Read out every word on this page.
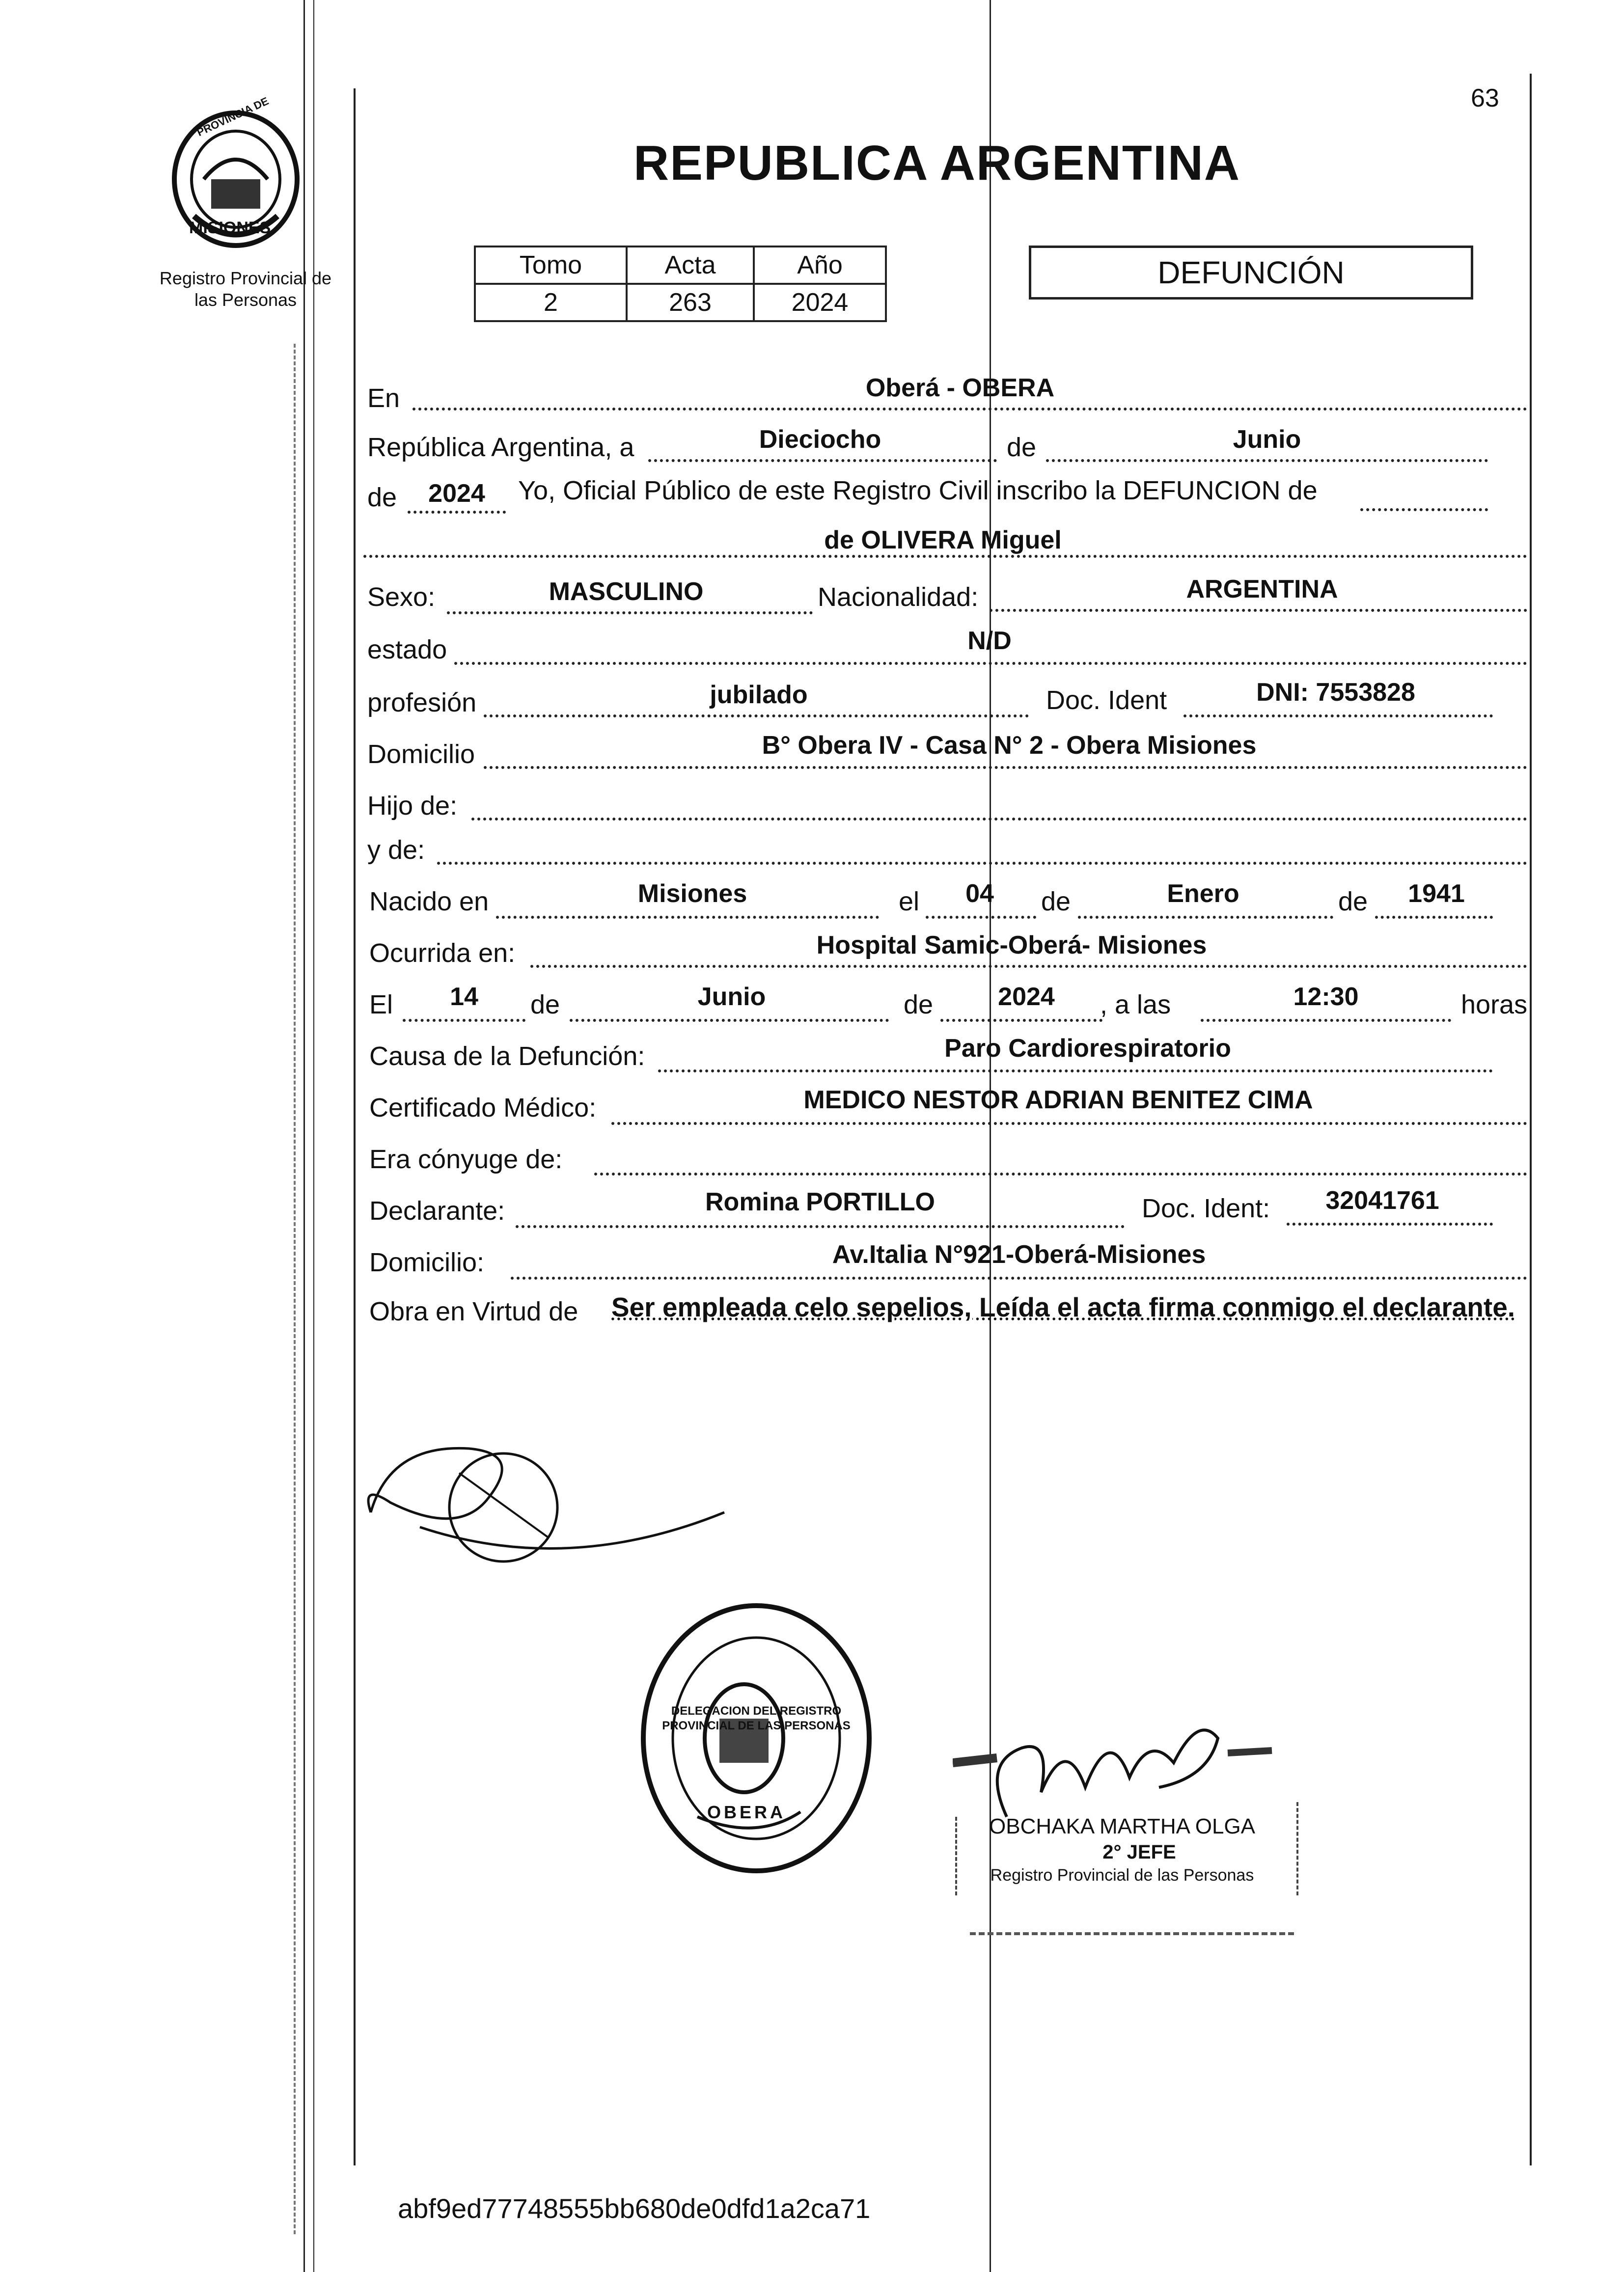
PROVINCIA DE
MISIONES
Registro Provincial de
las Personas
63
REPUBLICA ARGENTINA
Tomo	Acta	Año
2	263	2024
DEFUNCIÓN
En	Oberá - OBERA
República Argentina, a	Dieciocho	de	Junio
de 2024 Yo, Oficial Público de este Registro Civil inscribo la DEFUNCION de
de OLIVERA Miguel
Sexo:	MASCULINO	Nacionalidad:	ARGENTINA
estado	N/D
profesión	jubilado	Doc. Ident	DNI: 7553828
Domicilio	B° Obera IV - Casa N° 2 - Obera Misiones
Hijo de:
y de:
Nacido en	Misiones	el 04 de	Enero	de 1941
Ocurrida en:	Hospital Samic-Oberá- Misiones
El 14 de	Junio	de	2024 , a las	12:30	horas
Causa de la Defunción:	Paro Cardiorespiratorio
Certificado Médico:	MEDICO NESTOR ADRIAN BENITEZ CIMA
Era cónyuge de:
Declarante:	Romina PORTILLO	Doc. Ident: 32041761
Domicilio:	Av.Italia N°921-Oberá-Misiones
Obra en Virtud de Ser empleada celo sepelios, Leída el acta firma conmigo el declarante.
DELEGACION DEL REGISTRO PROVINCIAL DE LAS PERSONAS
OBERA
OBCHAKA MARTHA OLGA
2° JEFE
Registro Provincial de las Personas
abf9ed77748555bb680de0dfd1a2ca71
